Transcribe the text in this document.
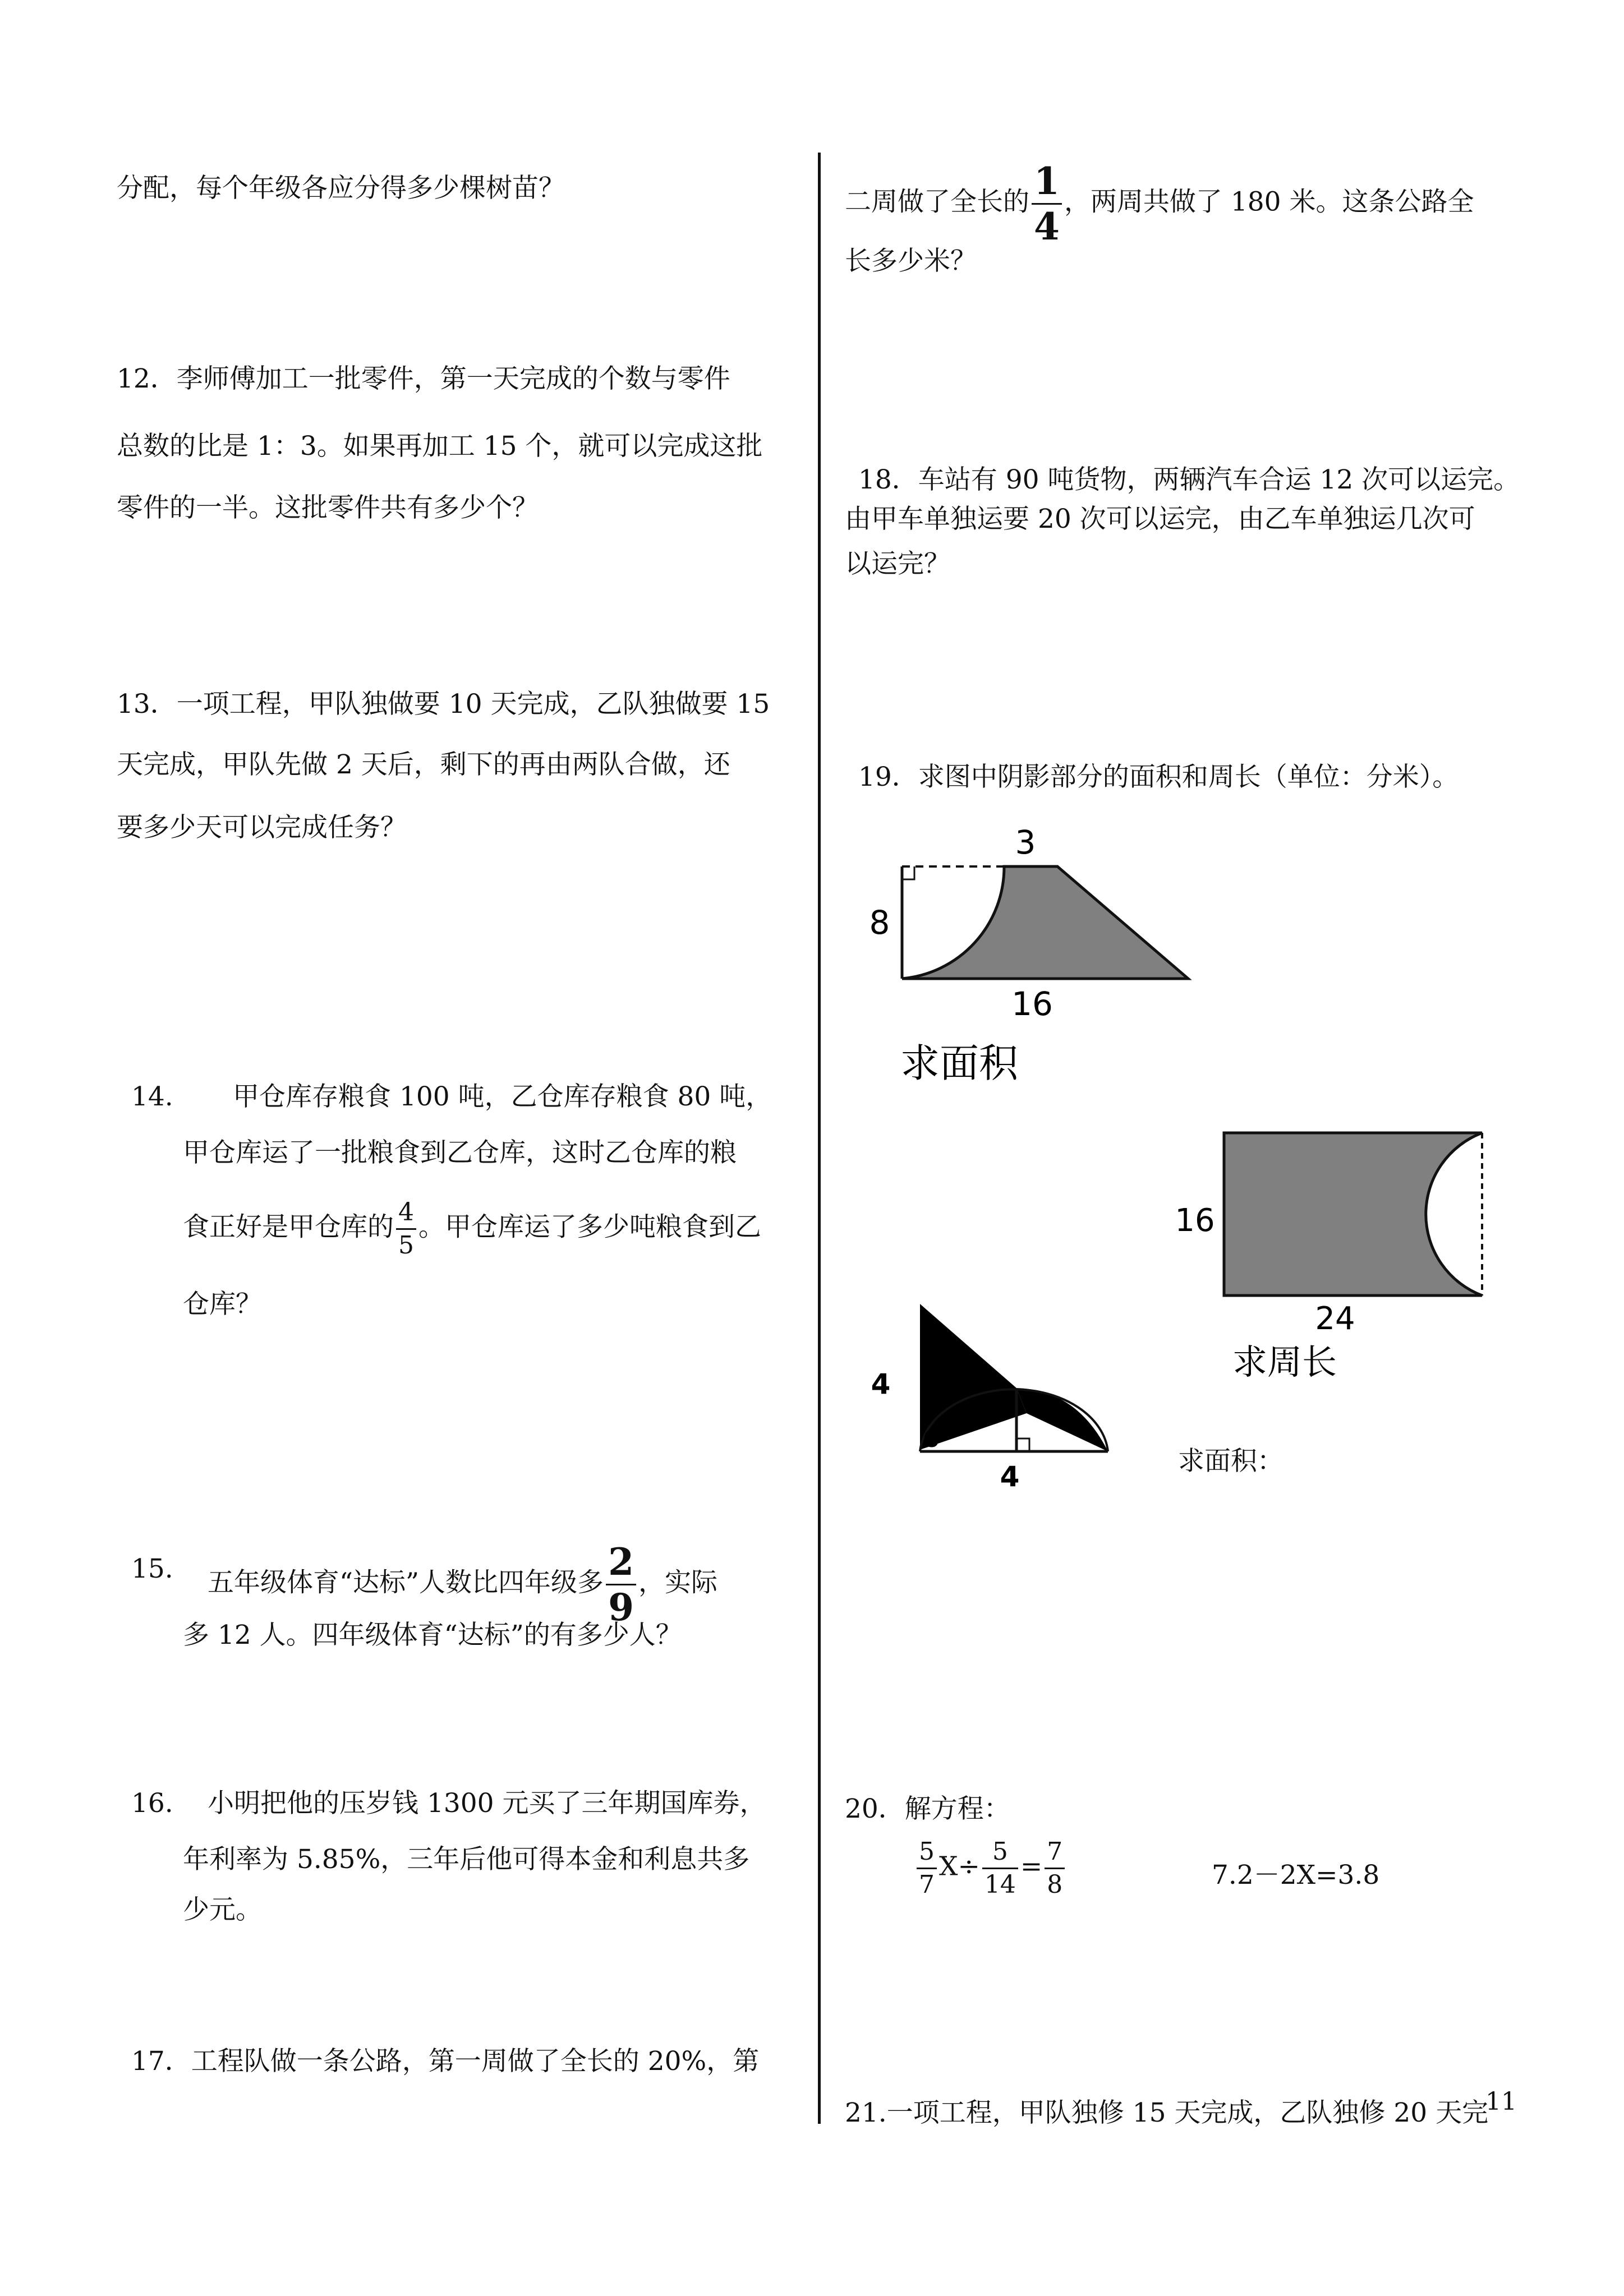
分配，每个年级各应分得多少棵树苗？
12．李师傅加工一批零件，第一天完成的个数与零件
总数的比是 1：3。如果再加工 15 个，就可以完成这批
零件的一半。这批零件共有多少个？
13．一项工程，甲队独做要 10 天完成，乙队独做要 15
天完成，甲队先做 2 天后，剩下的再由两队合做，还
要多少天可以完成任务？
14. 甲仓库存粮食 100 吨，乙仓库存粮食 80 吨，
甲仓库运了一批粮食到乙仓库，这时乙仓库的粮
食正好是甲仓库的 $\frac{4}{5}$ 。甲仓库运了多少吨粮食到乙
仓库？
15. 五年级体育“达标”人数比四年级多 $\frac{2}{9}$ ，实际
多 12 人。四年级体育“达标”的有多少人？
16. 小明把他的压岁钱 1300 元买了三年期国库券，
年利率为 5.85%，三年后他可得本金和利息共多
少元。
17．工程队做一条公路，第一周做了全长的 20%，第
二周做了全长的 $\frac{1}{4}$ ，两周共做了 180 米。这条公路全
长多少米？
18．车站有 90 吨货物，两辆汽车合运 12 次可以运完。
由甲车单独运要 20 次可以运完，由乙车单独运几次可
以运完？
19．求图中阴影部分的面积和周长（单位：分米）。
3
8
16
求面积
16
24
求周长
4
6
4	求面积：
20．解方程：
$\frac{5}{7} X\div \frac{5}{14} = \frac{7}{8}$	7.2－2X=3.8
21.一项工程，甲队独修 15 天完成，乙队独修 20 天完
11
